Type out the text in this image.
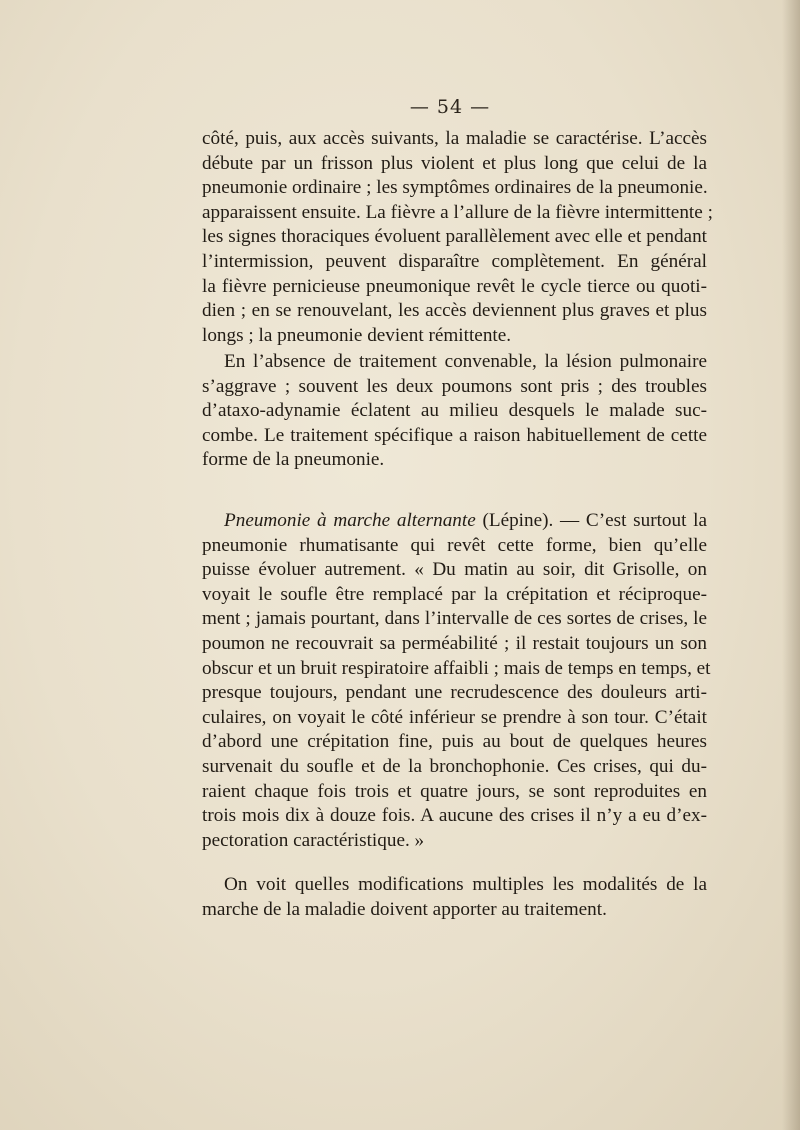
— 54 —
côté, puis, aux accès suivants, la maladie se caractérise. L’accès
débute par un frisson plus violent et plus long que celui de la
pneumonie ordinaire ; les symptômes ordinaires de la pneumonie.
apparaissent ensuite. La fièvre a l’allure de la fièvre intermittente ;
les signes thoraciques évoluent parallèlement avec elle et pendant
l’intermission, peuvent disparaître complètement. En général
la fièvre pernicieuse pneumonique revêt le cycle tierce ou quoti-
dien ; en se renouvelant, les accès deviennent plus graves et plus
longs ; la pneumonie devient rémittente.
En l’absence de traitement convenable, la lésion pulmonaire
s’aggrave ; souvent les deux poumons sont pris ; des troubles
d’ataxo-adynamie éclatent au milieu desquels le malade suc-
combe. Le traitement spécifique a raison habituellement de cette
forme de la pneumonie.
Pneumonie à marche alternante (Lépine). — C’est surtout la
pneumonie rhumatisante qui revêt cette forme, bien qu’elle
puisse évoluer autrement. « Du matin au soir, dit Grisolle, on
voyait le soufle être remplacé par la crépitation et réciproque-
ment ; jamais pourtant, dans l’intervalle de ces sortes de crises, le
poumon ne recouvrait sa perméabilité ; il restait toujours un son
obscur et un bruit respiratoire affaibli ; mais de temps en temps, et
presque toujours, pendant une recrudescence des douleurs arti-
culaires, on voyait le côté inférieur se prendre à son tour. C’était
d’abord une crépitation fine, puis au bout de quelques heures
survenait du soufle et de la bronchophonie. Ces crises, qui du-
raient chaque fois trois et quatre jours, se sont reproduites en
trois mois dix à douze fois. A aucune des crises il n’y a eu d’ex-
pectoration caractéristique. »
On voit quelles modifications multiples les modalités de la
marche de la maladie doivent apporter au traitement.
